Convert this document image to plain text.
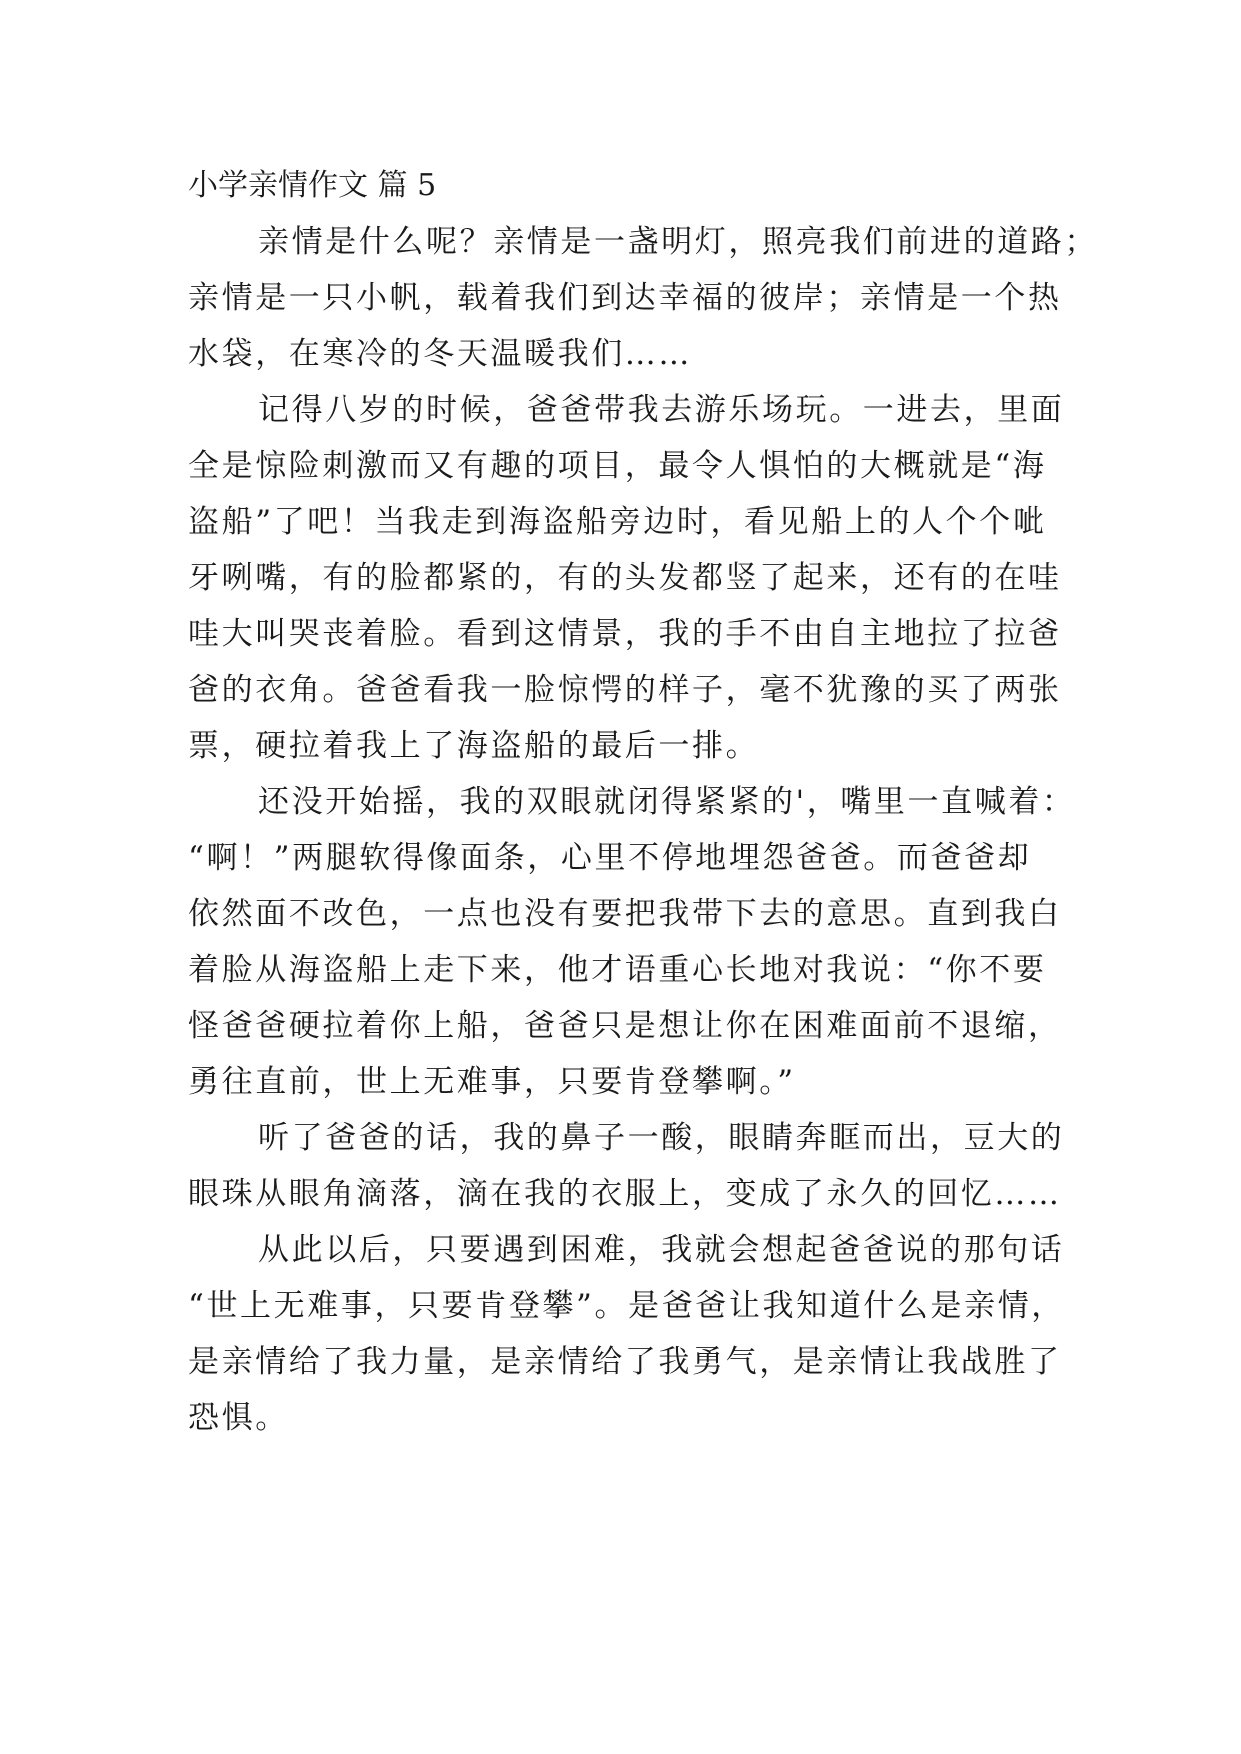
小学亲情作文 篇 5
亲情是什么呢？亲情是一盏明灯，照亮我们前进的道路；
亲情是一只小帆，载着我们到达幸福的彼岸；亲情是一个热
水袋，在寒冷的冬天温暖我们……
记得八岁的时候，爸爸带我去游乐场玩。一进去，里面
全是惊险刺激而又有趣的项目，最令人惧怕的大概就是“海
盗船”了吧！当我走到海盗船旁边时，看见船上的人个个呲
牙咧嘴，有的脸都紧的，有的头发都竖了起来，还有的在哇
哇大叫哭丧着脸。看到这情景，我的手不由自主地拉了拉爸
爸的衣角。爸爸看我一脸惊愕的样子，毫不犹豫的买了两张
票，硬拉着我上了海盗船的最后一排。
还没开始摇，我的双眼就闭得紧紧的'，嘴里一直喊着：
“啊！”两腿软得像面条，心里不停地埋怨爸爸。而爸爸却
依然面不改色，一点也没有要把我带下去的意思。直到我白
着脸从海盗船上走下来，他才语重心长地对我说：“你不要
怪爸爸硬拉着你上船，爸爸只是想让你在困难面前不退缩，
勇往直前，世上无难事，只要肯登攀啊。”
听了爸爸的话，我的鼻子一酸，眼睛奔眶而出，豆大的
眼珠从眼角滴落，滴在我的衣服上，变成了永久的回忆……
从此以后，只要遇到困难，我就会想起爸爸说的那句话
“世上无难事，只要肯登攀”。是爸爸让我知道什么是亲情，
是亲情给了我力量，是亲情给了我勇气，是亲情让我战胜了
恐惧。
